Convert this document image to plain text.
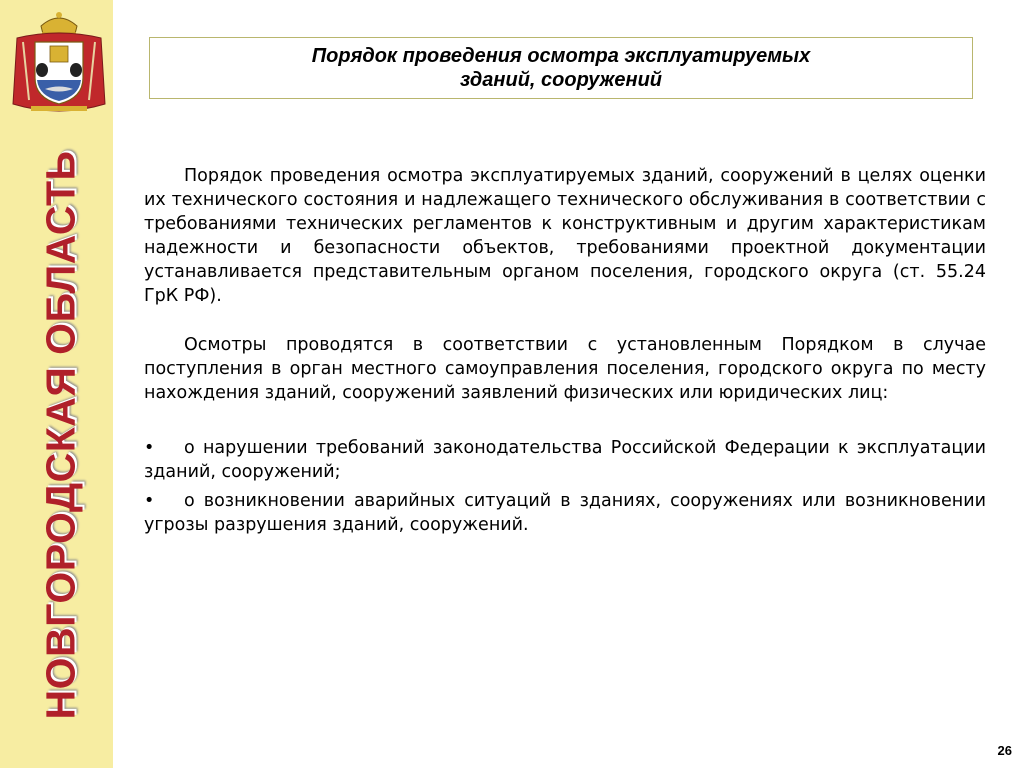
НОВГОРОДСКАЯ ОБЛАСТЬ
Порядок проведения осмотра эксплуатируемых
зданий, сооружений

Порядок проведения осмотра эксплуатируемых зданий, сооружений в целях оценки их технического состояния и надлежащего технического обслуживания в соответствии с требованиями технических регламентов к конструктивным и другим характеристикам надежности и безопасности объектов, требованиями проектной документации устанавливается представительным органом поселения, городского округа (ст. 55.24 ГрК РФ).

Осмотры проводятся в соответствии с установленным Порядком в случае поступления в орган местного самоуправления поселения, городского округа по месту нахождения зданий, сооружений заявлений физических или юридических лиц:

• о нарушении требований законодательства Российской Федерации к эксплуатации зданий, сооружений;
• о возникновении аварийных ситуаций в зданиях, сооружениях или возникновении угрозы разрушения зданий, сооружений.
26
